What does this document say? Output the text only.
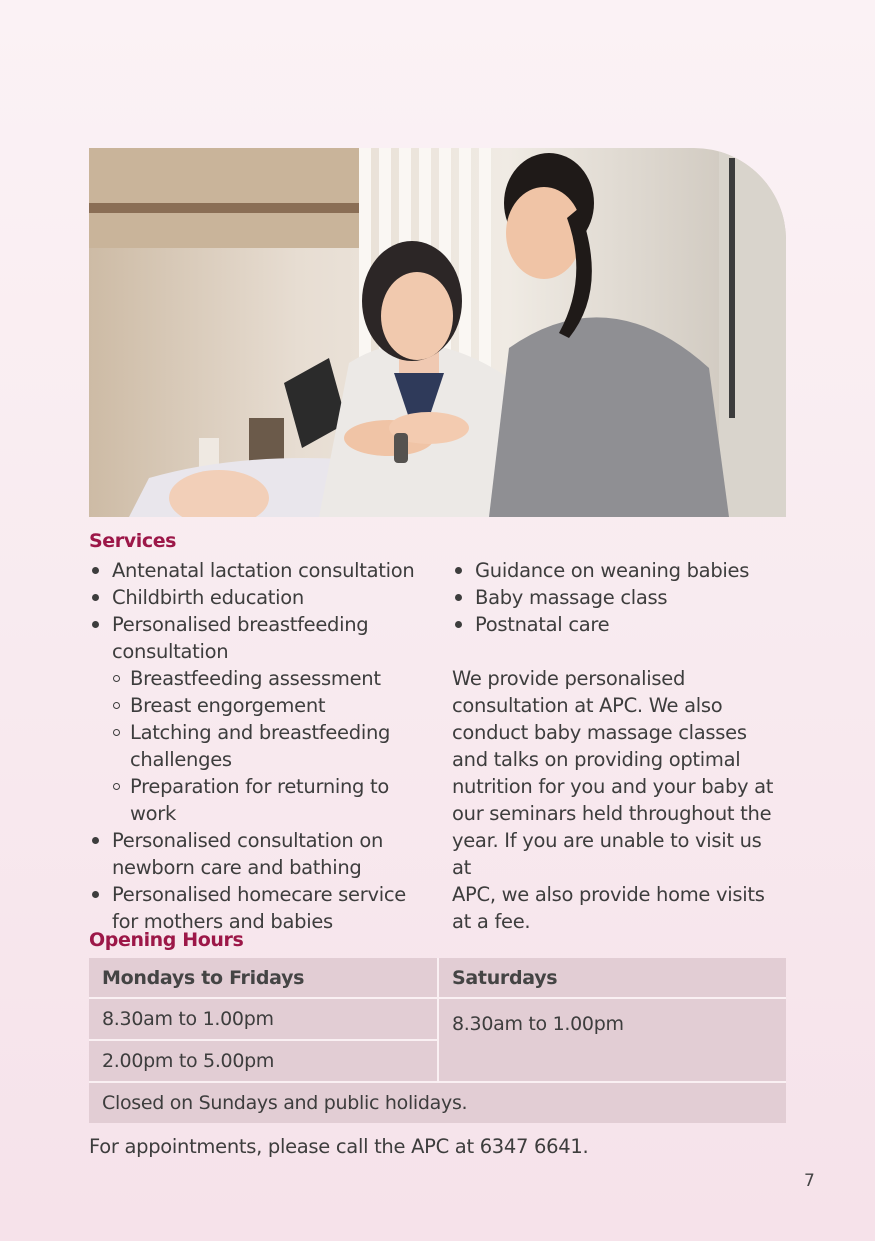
Services
Antenatal lactation consultation
Childbirth education
Personalised breastfeeding
consultation
Breastfeeding assessment
Breast engorgement
Latching and breastfeeding
challenges
Preparation for returning to work
Personalised consultation on
newborn care and bathing
Personalised homecare service
for mothers and babies
Guidance on weaning babies
Baby massage class
Postnatal care

We provide personalised
consultation at APC. We also
conduct baby massage classes
and talks on providing optimal
nutrition for you and your baby at
our seminars held throughout the
year. If you are unable to visit us at
APC, we also provide home visits
at a fee.

Opening Hours
Mondays to Fridays	Saturdays
8.30am to 1.00pm	8.30am to 1.00pm
2.00pm to 5.00pm	
Closed on Sundays and public holidays.	
For appointments, please call the APC at 6347 6641.
7
